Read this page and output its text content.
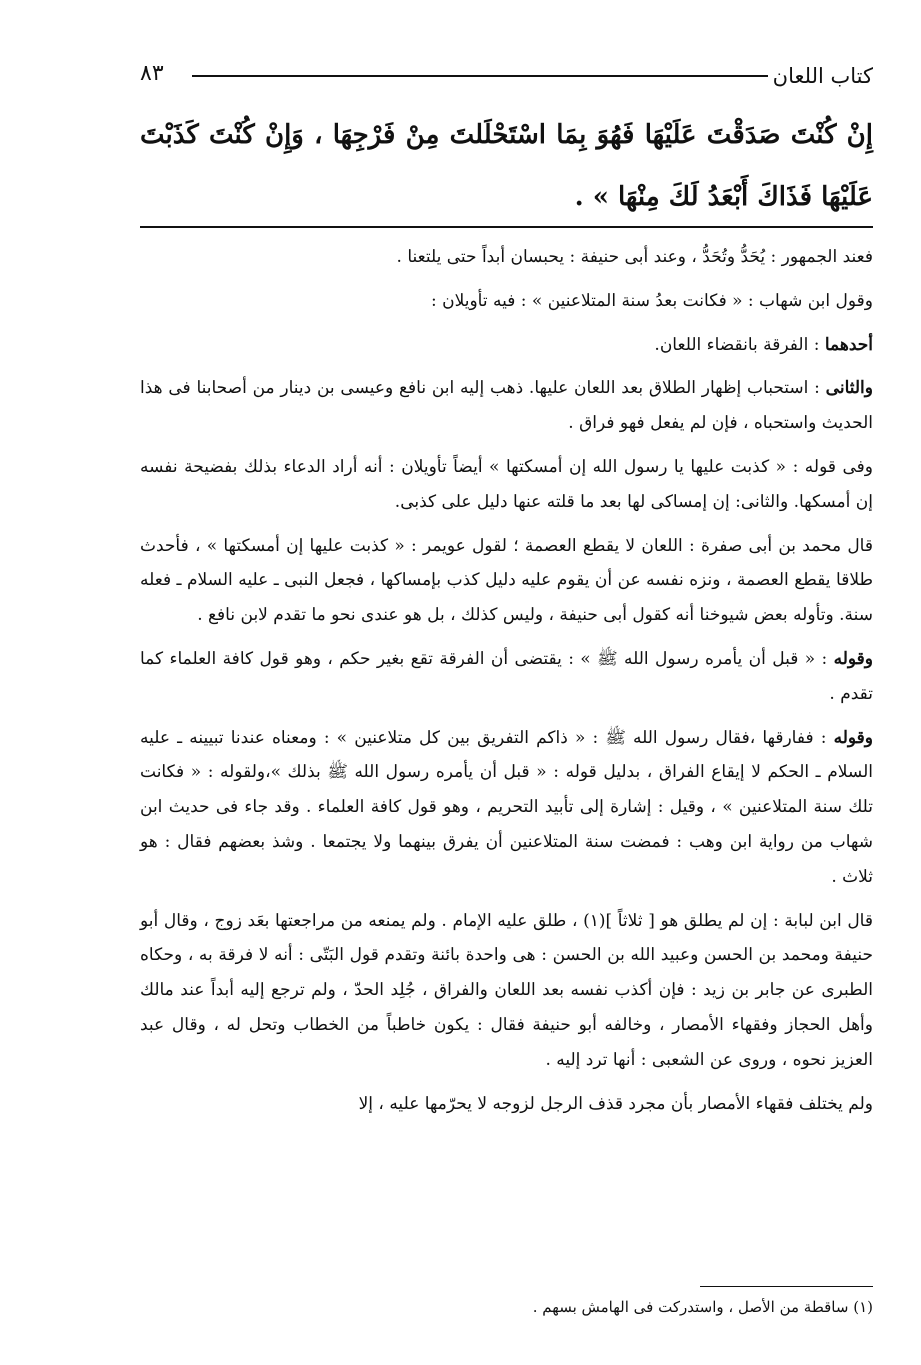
كتاب اللعان
٨٣
إِنْ كُنْتَ صَدَقْتَ عَلَيْهَا فَهُوَ بِمَا اسْتَحْلَلتَ مِنْ فَرْجِهَا ، وَإِنْ كُنْتَ كَذَبْتَ عَلَيْهَا فَذَاكَ أَبْعَدُ لَكَ مِنْهَا » .

فعند الجمهور : يُحَدُّ وتُحَدُّ ، وعند أبى حنيفة : يحبسان أبداً حتى يلتعنا .

وقول ابن شهاب : « فكانت بعدُ سنة المتلاعنين » : فيه تأويلان :

أحدهما : الفرقة بانقضاء اللعان.

والثانى : استحباب إظهار الطلاق بعد اللعان عليها. ذهب إليه ابن نافع وعيسى بن دينار من أصحابنا فى هذا الحديث واستحباه ، فإن لم يفعل فهو فراق .

وفى قوله : « كذبت عليها يا رسول الله إن أمسكتها » أيضاً تأويلان : أنه أراد الدعاء بذلك بفضيحة نفسه إن أمسكها. والثانى: إن إمساكى لها بعد ما قلته عنها دليل على كذبى.

قال محمد بن أبى صفرة : اللعان لا يقطع العصمة ؛ لقول عويمر : « كذبت عليها إن أمسكتها » ، فأحدث طلاقا يقطع العصمة ، ونزه نفسه عن أن يقوم عليه دليل كذب بإمساكها ، فجعل النبى ـ عليه السلام ـ فعله سنة. وتأوله بعض شيوخنا أنه كقول أبى حنيفة ، وليس كذلك ، بل هو عندى نحو ما تقدم لابن نافع .

وقوله : « قبل أن يأمره رسول الله ﷺ » : يقتضى أن الفرقة تقع بغير حكم ، وهو قول كافة العلماء كما تقدم .

وقوله : ففارقها ،فقال رسول الله ﷺ : « ذاكم التفريق بين كل متلاعنين » : ومعناه عندنا تبيينه ـ عليه السلام ـ الحكم لا إيقاع الفراق ، بدليل قوله : « قبل أن يأمره رسول الله ﷺ بذلك »،ولقوله : « فكانت تلك سنة المتلاعنين » ، وقيل : إشارة إلى تأبيد التحريم ، وهو قول كافة العلماء . وقد جاء فى حديث ابن شهاب من رواية ابن وهب : فمضت سنة المتلاعنين أن يفرق بينهما ولا يجتمعا . وشذ بعضهم فقال : هو ثلاث .

قال ابن لبابة : إن لم يطلق هو [ ثلاثاً ](١) ، طلق عليه الإمام . ولم يمنعه من مراجعتها بعَد زوج ، وقال أبو حنيفة ومحمد بن الحسن وعبيد الله بن الحسن : هى واحدة بائنة وتقدم قول البَتّى : أنه لا فرقة به ، وحكاه الطبرى عن جابر بن زيد : فإن أكذب نفسه بعد اللعان والفراق ، جُلِد الحدّ ، ولم ترجع إليه أبداً عند مالك وأهل الحجاز وفقهاء الأمصار ، وخالفه أبو حنيفة فقال : يكون خاطباً من الخطاب وتحل له ، وقال عبد العزيز نحوه ، وروى عن الشعبى : أنها ترد إليه .

ولم يختلف فقهاء الأمصار بأن مجرد قذف الرجل لزوجه لا يحرّمها عليه ، إلا

(١) ساقطة من الأصل ، واستدركت فى الهامش بسهم .
